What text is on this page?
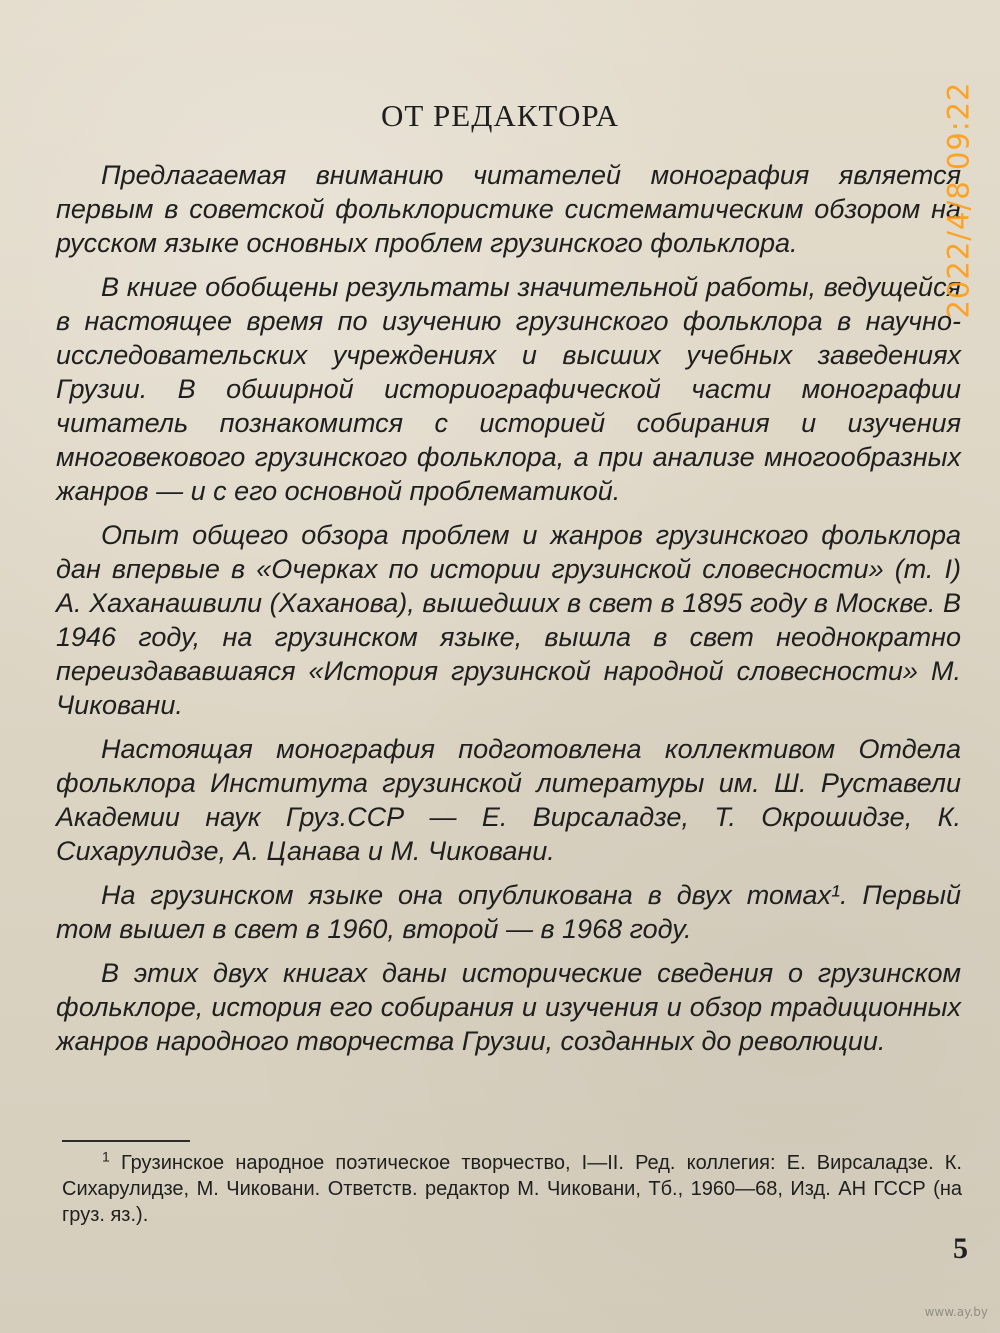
ОТ РЕДАКТОРА

Предлагаемая вниманию читателей монография является первым в советской фольклористике систематическим обзором на русском языке основных проблем грузинского фольклора.

В книге обобщены результаты значительной работы, ведущейся в настоящее время по изучению грузинского фольклора в научно-исследовательских учреждениях и высших учебных заведениях Грузии. В обширной историографической части монографии читатель познакомится с историей собирания и изучения многовекового грузинского фольклора, а при анализе многообразных жанров — и с его основной проблематикой.

Опыт общего обзора проблем и жанров грузинского фольклора дан впервые в «Очерках по истории грузинской словесности» (т. I) А. Хаханашвили (Хаханова), вышедших в свет в 1895 году в Москве. В 1946 году, на грузинском языке, вышла в свет неоднократно переиздававшаяся «История грузинской народной словесности» М. Чиковани.

Настоящая монография подготовлена коллективом Отдела фольклора Института грузинской литературы им. Ш. Руставели Академии наук Груз.ССР — Е. Вирсаладзе, Т. Окрошидзе, К. Сихарулидзе, А. Цанава и М. Чиковани.

На грузинском языке она опубликована в двух томах¹. Первый том вышел в свет в 1960, второй — в 1968 году.

В этих двух книгах даны исторические сведения о грузинском фольклоре, история его собирания и изучения и обзор традиционных жанров народного творчества Грузии, созданных до революции.

$^1$ Грузинское народное поэтическое творчество, I—II. Ред. коллегия: Е. Вирсаладзе. К. Сихарулидзе, М. Чиковани. Ответств. редактор М. Чиковани, Тб., 1960—68, Изд. АН ГССР (на груз. яз.).
5
2022/4/8 09:22
www.ay.by
